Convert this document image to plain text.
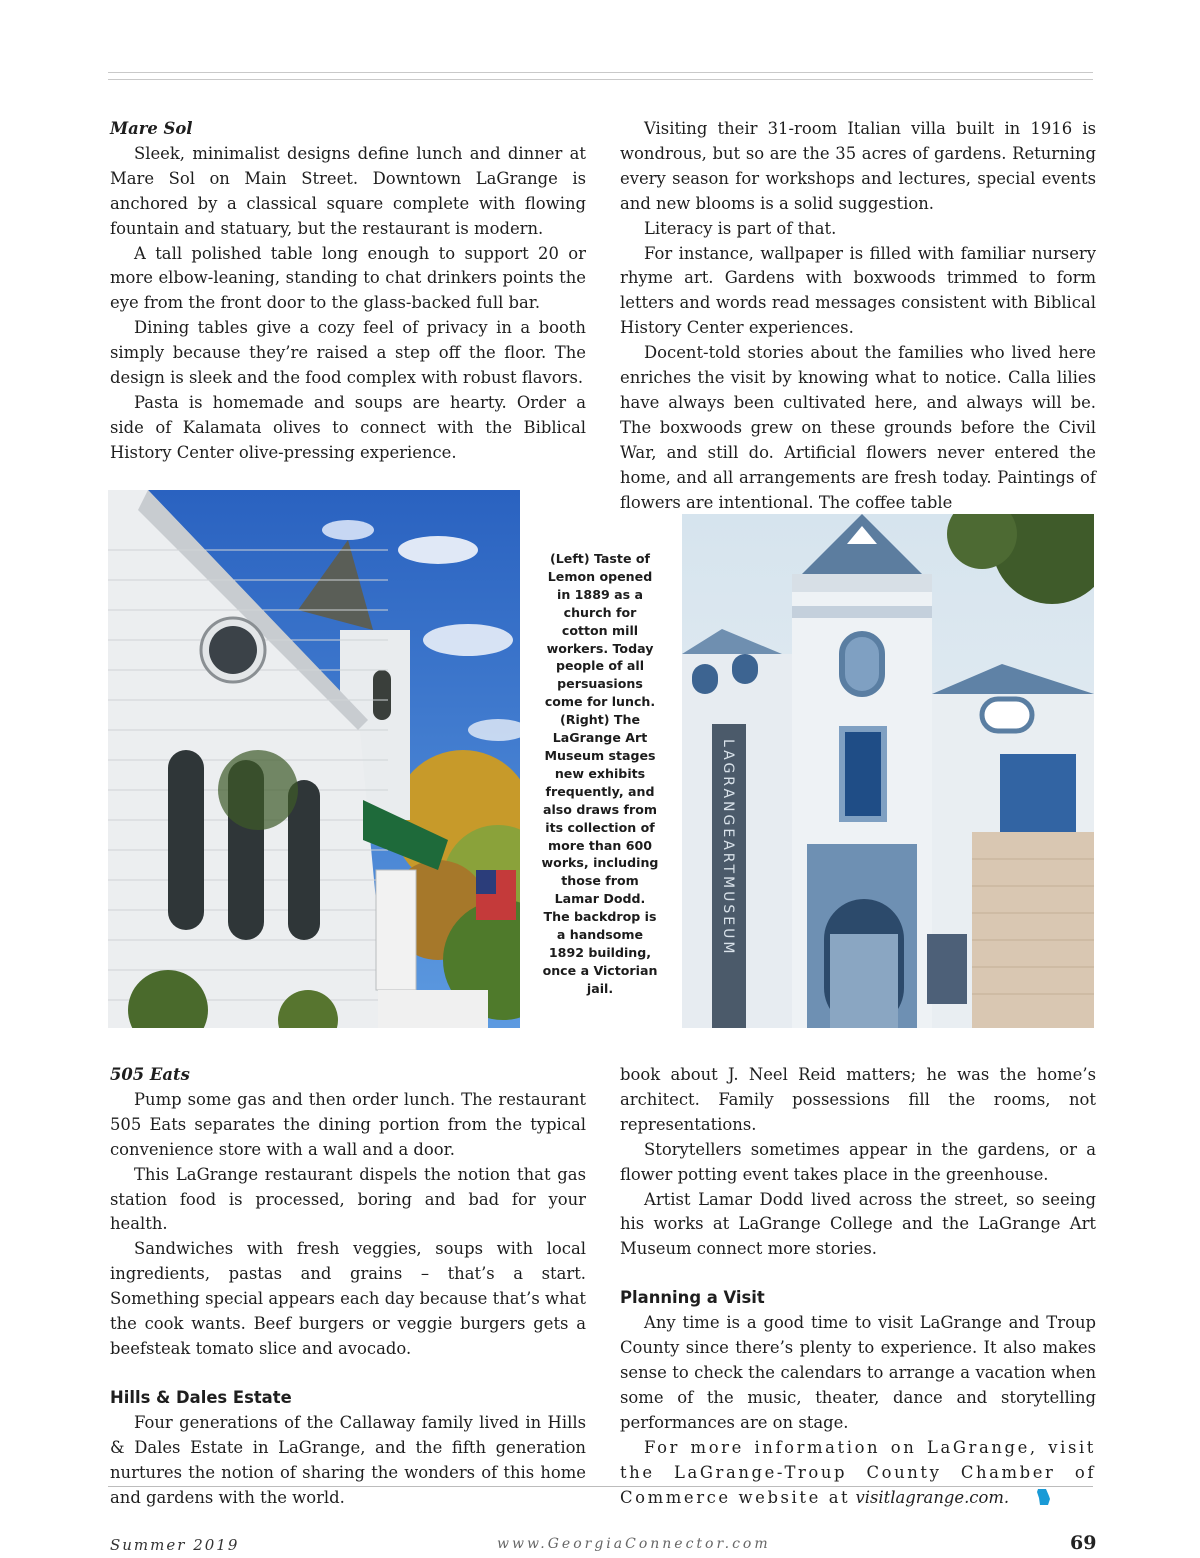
Mare Sol

Sleek, minimalist designs define lunch and dinner at Mare Sol on Main Street. Downtown LaGrange is anchored by a classical square complete with flowing fountain and statuary, but the restaurant is modern.

A tall polished table long enough to support 20 or more elbow-leaning, standing to chat drinkers points the eye from the front door to the glass-backed full bar.

Dining tables give a cozy feel of privacy in a booth simply because they’re raised a step off the floor. The design is sleek and the food complex with robust flavors.

Pasta is homemade and soups are hearty. Order a side of Kalamata olives to connect with the Biblical History Center olive-pressing experience.

Visiting their 31-room Italian villa built in 1916 is wondrous, but so are the 35 acres of gardens. Returning every season for workshops and lectures, special events and new blooms is a solid suggestion.

Literacy is part of that.

For instance, wallpaper is filled with familiar nursery rhyme art. Gardens with boxwoods trimmed to form letters and words read messages consistent with Biblical History Center experiences.

Docent-told stories about the families who lived here enriches the visit by knowing what to notice. Calla lilies have always been cultivated here, and always will be. The boxwoods grew on these grounds before the Civil War, and still do. Artificial flowers never entered the home, and all arrangements are fresh today. Paintings of flowers are intentional. The coffee table

(Left) Taste of Lemon opened in 1889 as a church for cotton mill workers. Today people of all persuasions come for lunch. (Right) The LaGrange Art Museum stages new exhibits frequently, and also draws from its collection of more than 600 works, including those from Lamar Dodd. The backdrop is a handsome 1892 building, once a Victorian jail.
LAGRANGEARTMUSEUM
505 Eats

Pump some gas and then order lunch. The restaurant 505 Eats separates the dining portion from the typical convenience store with a wall and a door.

This LaGrange restaurant dispels the notion that gas station food is processed, boring and bad for your health.

Sandwiches with fresh veggies, soups with local ingredients, pastas and grains – that’s a start. Something special appears each day because that’s what the cook wants. Beef burgers or veggie burgers gets a beefsteak tomato slice and avocado.

Hills & Dales Estate

Four generations of the Callaway family lived in Hills & Dales Estate in LaGrange, and the fifth generation nurtures the notion of sharing the wonders of this home and gardens with the world.

book about J. Neel Reid matters; he was the home’s architect. Family possessions fill the rooms, not representations.

Storytellers sometimes appear in the gardens, or a flower potting event takes place in the greenhouse.

Artist Lamar Dodd lived across the street, so seeing his works at LaGrange College and the LaGrange Art Museum connect more stories.

Planning a Visit

Any time is a good time to visit LaGrange and Troup County since there’s plenty to experience. It also makes sense to check the calendars to arrange a vacation when some of the music, theater, dance and storytelling performances are on stage.

For more information on LaGrange, visit the LaGrange-Troup County Chamber of Commerce website at visitlagrange.com.

Summer 2019	www.GeorgiaConnector.com	69
